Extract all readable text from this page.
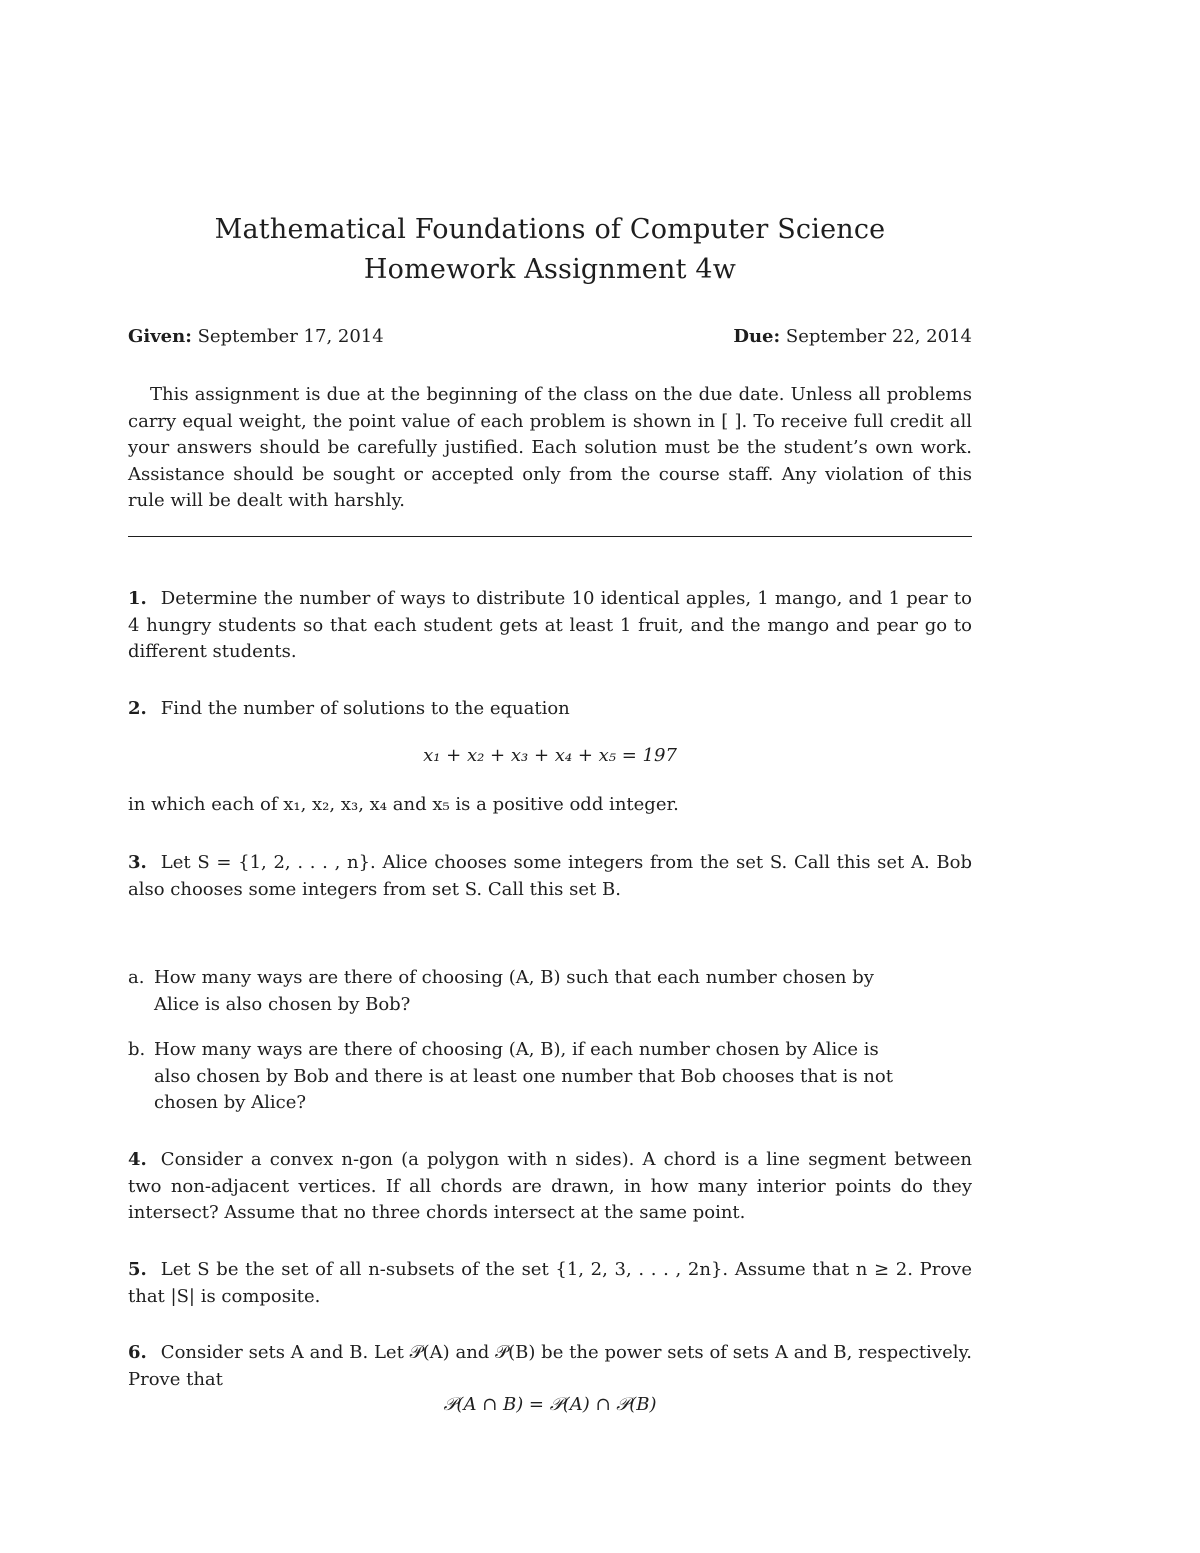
Mathematical Foundations of Computer Science
Homework Assignment 4w
Given: September 17, 2014	Due: September 22, 2014

This assignment is due at the beginning of the class on the due date. Unless all problems carry equal weight, the point value of each problem is shown in [ ]. To receive full credit all your answers should be carefully justified. Each solution must be the student’s own work. Assistance should be sought or accepted only from the course staff. Any violation of this rule will be dealt with harshly.

1. Determine the number of ways to distribute 10 identical apples, 1 mango, and 1 pear to 4 hungry students so that each student gets at least 1 fruit, and the mango and pear go to different students.

2. Find the number of solutions to the equation

x₁ + x₂ + x₃ + x₄ + x₅ = 197

in which each of x₁, x₂, x₃, x₄ and x₅ is a positive odd integer.

3. Let S = {1, 2, . . . , n}. Alice chooses some integers from the set S. Call this set A. Bob also chooses some integers from set S. Call this set B.

a. How many ways are there of choosing (A, B) such that each number chosen by Alice is also chosen by Bob?
b. How many ways are there of choosing (A, B), if each number chosen by Alice is also chosen by Bob and there is at least one number that Bob chooses that is not chosen by Alice?

4. Consider a convex n-gon (a polygon with n sides). A chord is a line segment between two non-adjacent vertices. If all chords are drawn, in how many interior points do they intersect? Assume that no three chords intersect at the same point.

5. Let S be the set of all n-subsets of the set {1, 2, 3, . . . , 2n}. Assume that n ≥ 2. Prove that |S| is composite.

6. Consider sets A and B. Let 𝒫(A) and 𝒫(B) be the power sets of sets A and B, respectively. Prove that

𝒫(A ∩ B) = 𝒫(A) ∩ 𝒫(B)
